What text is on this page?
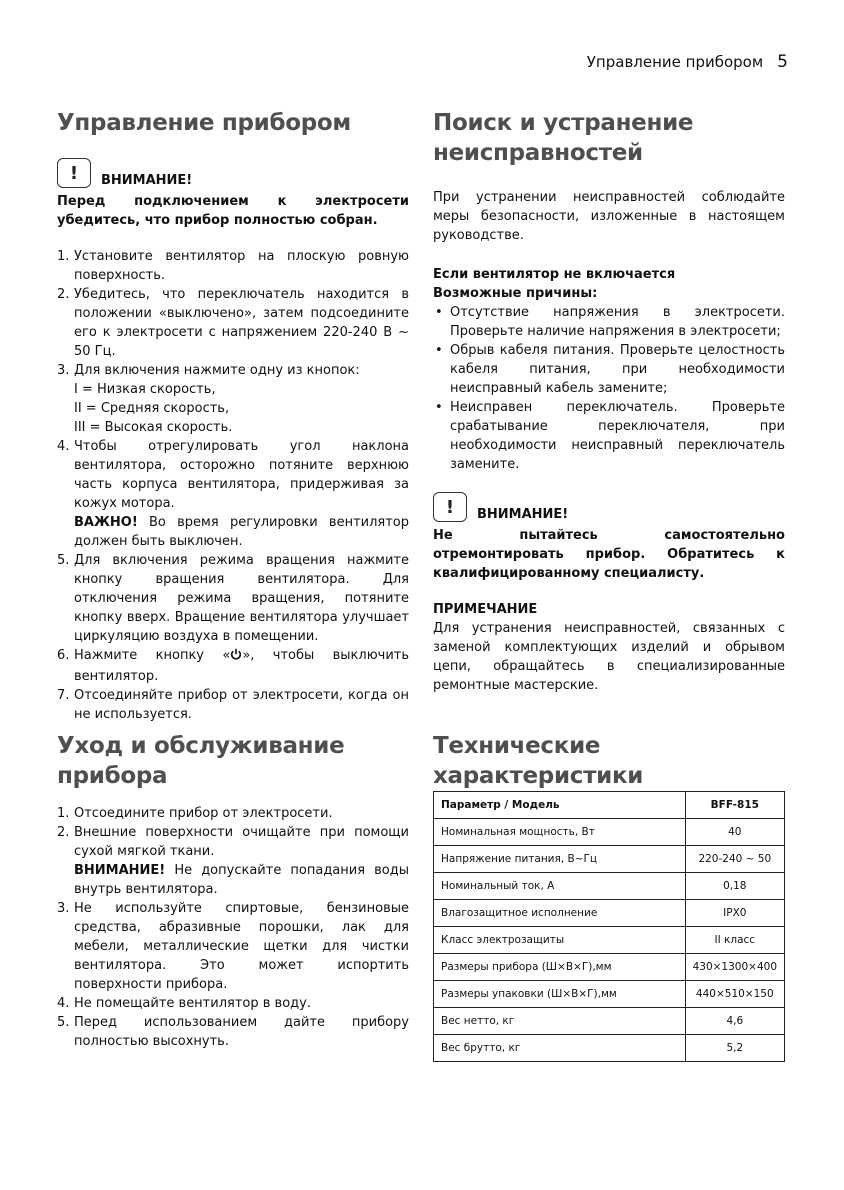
Управление прибором 5
Управление прибором
!	ВНИМАНИЕ!

Перед подключением к электросети убедитесь, что прибор полностью собран.

1. Установите вентилятор на плоскую ровную поверхность.
2. Убедитесь, что переключатель находится в положении «выключено», затем подсоедините его к электросети с напряжением 220-240 В ~ 50 Гц.
3. Для включения нажмите одну из кнопок:
I = Низкая скорость,
II = Средняя скорость,
III = Высокая скорость.
4. Чтобы отрегулировать угол наклона вентилятора, осторожно потяните верхнюю часть корпуса вентилятора, придерживая за кожух мотора.
ВАЖНО! Во время регулировки вентилятор должен быть выключен.
5. Для включения режима вращения нажмите кнопку вращения вентилятора. Для отключения режима вращения, потяните кнопку вверх. Вращение вентилятора улучшает циркуляцию воздуха в помещении.
6. Нажмите кнопку « », чтобы выключить вентилятор.
7. Отсоединяйте прибор от электросети, когда он не используется.
Уход и обслуживание прибора
1. Отсоедините прибор от электросети.
2. Внешние поверхности очищайте при помощи сухой мягкой ткани.
ВНИМАНИЕ! Не допускайте попадания воды внутрь вентилятора.
3. Не используйте спиртовые, бензиновые средства, абразивные порошки, лак для мебели, металлические щетки для чистки вентилятора. Это может испортить поверхности прибора.
4. Не помещайте вентилятор в воду.
5. Перед использованием дайте прибору полностью высохнуть.
Поиск и устранение
неисправностей

При устранении неисправностей соблюдайте меры безопасности, изложенные в настоящем руководстве.

Если вентилятор не включается

Возможные причины:

• Отсутствие напряжения в электросети. Проверьте наличие напряжения в электросети;
• Обрыв кабеля питания. Проверьте целостность кабеля питания, при необходимости неисправный кабель замените;
• Неисправен переключатель. Проверьте срабатывание переключателя, при необходимости неисправный переключатель замените.
!	ВНИМАНИЕ!

Не пытайтесь самостоятельно отремонтировать прибор. Обратитесь к квалифицированному специалисту.

ПРИМЕЧАНИЕ

Для устранения неисправностей, связанных с заменой комплектующих изделий и обрывом цепи, обращайтесь в специализированные ремонтные мастерские.

Технические характеристики
Параметр / Модель	BFF-815
Номинальная мощность, Вт	40
Напряжение питания, В~Гц	220-240 ~ 50
Номинальный ток, А	0,18
Влагозащитное исполнение	IPX0
Класс электрозащиты	II класс
Размеры прибора (Ш×В×Г),мм	430×1300×400
Размеры упаковки (Ш×В×Г),мм	440×510×150
Вес нетто, кг	4,6
Вес брутто, кг	5,2
